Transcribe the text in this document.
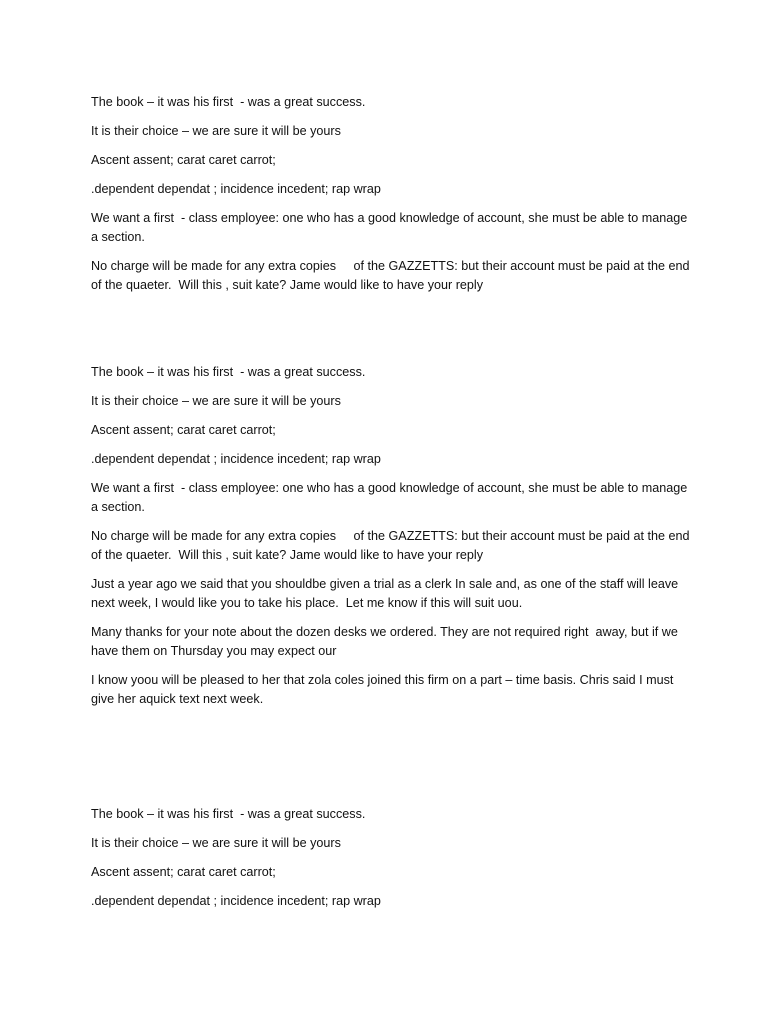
The book – it was his first  - was a great success.

It is their choice – we are sure it will be yours

Ascent assent; carat caret carrot;

.dependent dependat ; incidence incedent; rap wrap

We want a first  - class employee: one who has a good knowledge of account, she must be able to manage a section.

No charge will be made for any extra copies     of the GAZZETTS: but their account must be paid at the end of the quaeter.  Will this , suit kate? Jame would like to have your reply

The book – it was his first  - was a great success.

It is their choice – we are sure it will be yours

Ascent assent; carat caret carrot;

.dependent dependat ; incidence incedent; rap wrap

We want a first  - class employee: one who has a good knowledge of account, she must be able to manage a section.

No charge will be made for any extra copies     of the GAZZETTS: but their account must be paid at the end of the quaeter.  Will this , suit kate? Jame would like to have your reply

Just a year ago we said that you shouldbe given a trial as a clerk In sale and, as one of the staff will leave next week, I would like you to take his place.  Let me know if this will suit uou.

Many thanks for your note about the dozen desks we ordered. They are not required right  away, but if we have them on Thursday you may expect our

I know yoou will be pleased to her that zola coles joined this firm on a part – time basis. Chris said I must give her aquick text next week.

The book – it was his first  - was a great success.

It is their choice – we are sure it will be yours

Ascent assent; carat caret carrot;

.dependent dependat ; incidence incedent; rap wrap
